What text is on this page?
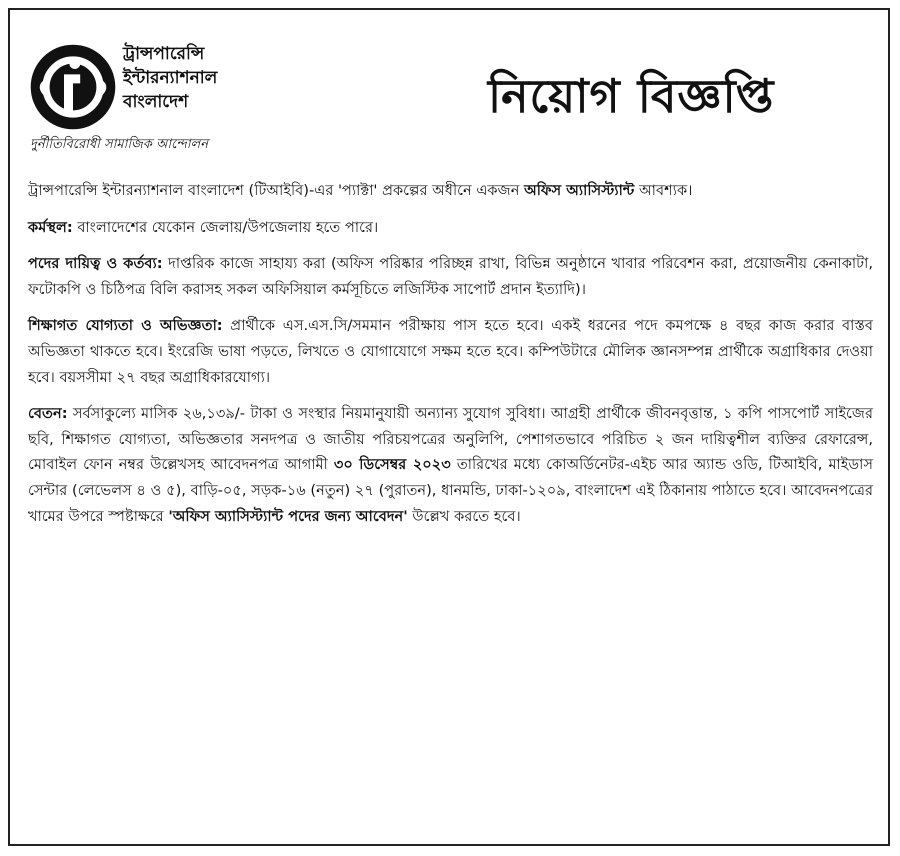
ট্রান্সপারেন্সি
ইন্টারন্যাশনাল
বাংলাদেশ
দুর্নীতিবিরোধী সামাজিক আন্দোলন
নিয়োগ বিজ্ঞপ্তি

ট্রান্সপারেন্সি ইন্টারন্যাশনাল বাংলাদেশ (টিআইবি)-এর 'প্যাক্টা' প্রকল্পের অধীনে একজন অফিস অ্যাসিস্ট্যান্ট আবশ্যক।

কর্মস্থল: বাংলাদেশের যেকোন জেলায়/উপজেলায় হতে পারে।

পদের দায়িত্ব ও কর্তব্য: দাপ্তরিক কাজে সাহায্য করা (অফিস পরিষ্কার পরিচ্ছন্ন রাখা, বিভিন্ন অনুষ্ঠানে খাবার পরিবেশন করা, প্রয়োজনীয় কেনাকাটা, ফটোকপি ও চিঠিপত্র বিলি করাসহ সকল অফিসিয়াল কর্মসূচিতে লজিস্টিক সাপোর্ট প্রদান ইত্যাদি)।

শিক্ষাগত যোগ্যতা ও অভিজ্ঞতা: প্রার্থীকে এস.এস.সি/সমমান পরীক্ষায় পাস হতে হবে। একই ধরনের পদে কমপক্ষে ৪ বছর কাজ করার বাস্তব অভিজ্ঞতা থাকতে হবে। ইংরেজি ভাষা পড়তে, লিখতে ও যোগাযোগে সক্ষম হতে হবে। কম্পিউটারে মৌলিক জ্ঞানসম্পন্ন প্রার্থীকে অগ্রাধিকার দেওয়া হবে। বয়সসীমা ২৭ বছর অগ্রাধিকারযোগ্য।

বেতন: সর্বসাকুল্যে মাসিক ২৬,১৩৯/- টাকা ও সংস্থার নিয়মানুযায়ী অন্যান্য সুযোগ সুবিধা। আগ্রহী প্রার্থীকে জীবনবৃত্তান্ত, ১ কপি পাসপোর্ট সাইজের ছবি, শিক্ষাগত যোগ্যতা, অভিজ্ঞতার সনদপত্র ও জাতীয় পরিচয়পত্রের অনুলিপি, পেশাগতভাবে পরিচিত ২ জন দায়িত্বশীল ব্যক্তির রেফারেন্স, মোবাইল ফোন নম্বর উল্লেখসহ আবেদনপত্র আগামী ৩০ ডিসেম্বর ২০২৩ তারিখের মধ্যে কোঅর্ডিনেটর-এইচ আর অ্যান্ড ওডি, টিআইবি, মাইডাস সেন্টার (লেভেলস ৪ ও ৫), বাড়ি-০৫, সড়ক-১৬ (নতুন) ২৭ (পুরাতন), ধানমন্ডি, ঢাকা-১২০৯, বাংলাদেশ এই ঠিকানায় পাঠাতে হবে। আবেদনপত্রের খামের উপরে স্পষ্টাক্ষরে 'অফিস অ্যাসিস্ট্যান্ট পদের জন্য আবেদন' উল্লেখ করতে হবে।
